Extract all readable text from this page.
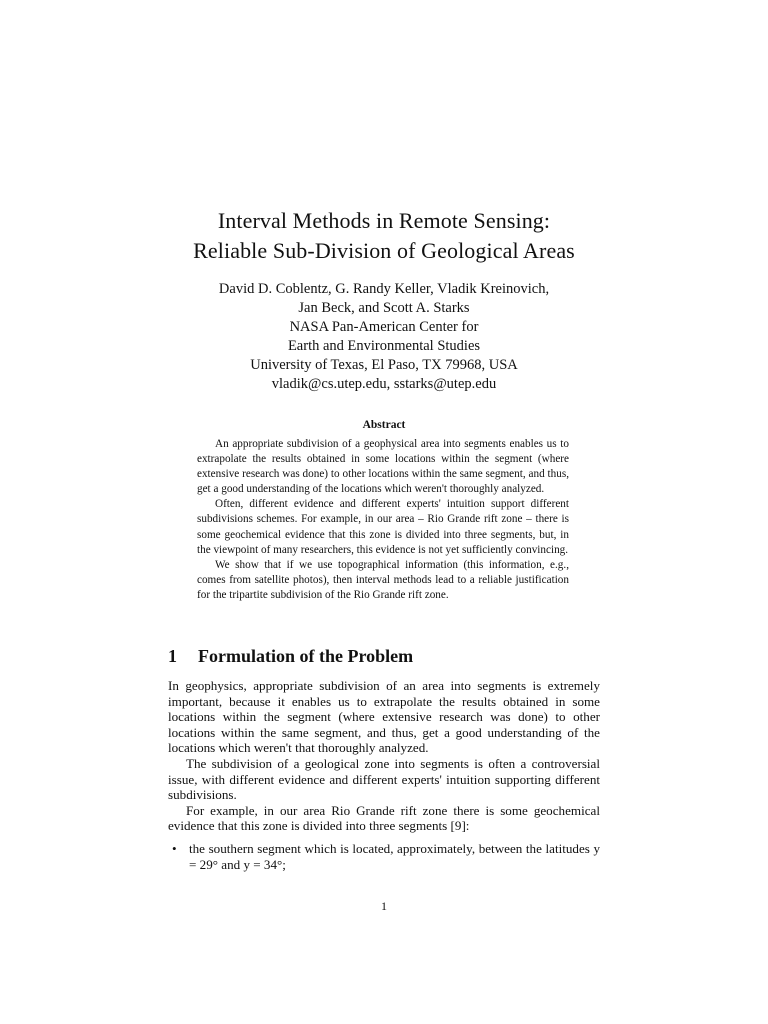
Interval Methods in Remote Sensing:
Reliable Sub-Division of Geological Areas
David D. Coblentz, G. Randy Keller, Vladik Kreinovich,
Jan Beck, and Scott A. Starks
NASA Pan-American Center for
Earth and Environmental Studies
University of Texas, El Paso, TX 79968, USA
vladik@cs.utep.edu, sstarks@utep.edu
Abstract

An appropriate subdivision of a geophysical area into segments enables us to extrapolate the results obtained in some locations within the segment (where extensive research was done) to other locations within the same segment, and thus, get a good understanding of the locations which weren't thoroughly analyzed.

Often, different evidence and different experts' intuition support different subdivisions schemes. For example, in our area – Rio Grande rift zone – there is some geochemical evidence that this zone is divided into three segments, but, in the viewpoint of many researchers, this evidence is not yet sufficiently convincing.

We show that if we use topographical information (this information, e.g., comes from satellite photos), then interval methods lead to a reliable justification for the tripartite subdivision of the Rio Grande rift zone.

1 Formulation of the Problem

In geophysics, appropriate subdivision of an area into segments is extremely important, because it enables us to extrapolate the results obtained in some locations within the segment (where extensive research was done) to other locations within the same segment, and thus, get a good understanding of the locations which weren't that thoroughly analyzed.

The subdivision of a geological zone into segments is often a controversial issue, with different evidence and different experts' intuition supporting different subdivisions.

For example, in our area Rio Grande rift zone there is some geochemical evidence that this zone is divided into three segments [9]:

• the southern segment which is located, approximately, between the latitudes y = 29° and y = 34°;
1
